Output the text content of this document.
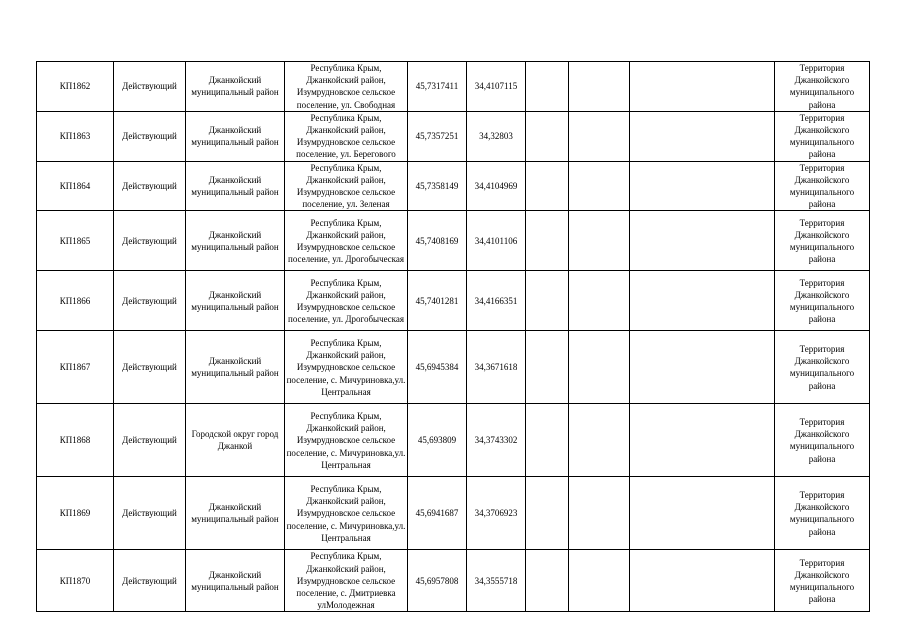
КП1862	Действующий	Джанкойский муниципальный район	Республика Крым, Джанкойский район, Изумрудновское сельское поселение, ул. Свободная	45,7317411	34,4107115				Территория Джанкойского муниципального района
КП1863	Действующий	Джанкойский муниципальный район	Республика Крым, Джанкойский район, Изумрудновское сельское поселение, ул. Берегового	45,7357251	34,32803				Территория Джанкойского муниципального района
КП1864	Действующий	Джанкойский муниципальный район	Республика Крым, Джанкойский район, Изумрудновское сельское поселение, ул. Зеленая	45,7358149	34,4104969				Территория Джанкойского муниципального района
КП1865	Действующий	Джанкойский муниципальный район	Республика Крым, Джанкойский район, Изумрудновское сельское поселение, ул. Дрогобычеcкая	45,7408169	34,4101106				Территория Джанкойского муниципального района
КП1866	Действующий	Джанкойский муниципальный район	Республика Крым, Джанкойский район, Изумрудновское сельское поселение, ул. Дрогобычеcкая	45,7401281	34,4166351				Территория Джанкойского муниципального района
КП1867	Действующий	Джанкойский муниципальный район	Республика Крым, Джанкойский район, Изумрудновское сельское поселение, с. Мичуриновка,ул. Центральная	45,6945384	34,3671618				Территория Джанкойского муниципального района
КП1868	Действующий	Городской округ город Джанкой	Республика Крым, Джанкойский район, Изумрудновское сельское поселение, с. Мичуриновка,ул. Центральная	45,693809	34,3743302				Территория Джанкойского муниципального района
КП1869	Действующий	Джанкойский муниципальный район	Республика Крым, Джанкойский район, Изумрудновское сельское поселение, с. Мичуриновка,ул. Центральная	45,6941687	34,3706923				Территория Джанкойского муниципального района
КП1870	Действующий	Джанкойский муниципальный район	Республика Крым, Джанкойский район, Изумрудновское сельское поселение, с. Дмитриевка улМолодежная	45,6957808	34,3555718				Территория Джанкойского муниципального района
